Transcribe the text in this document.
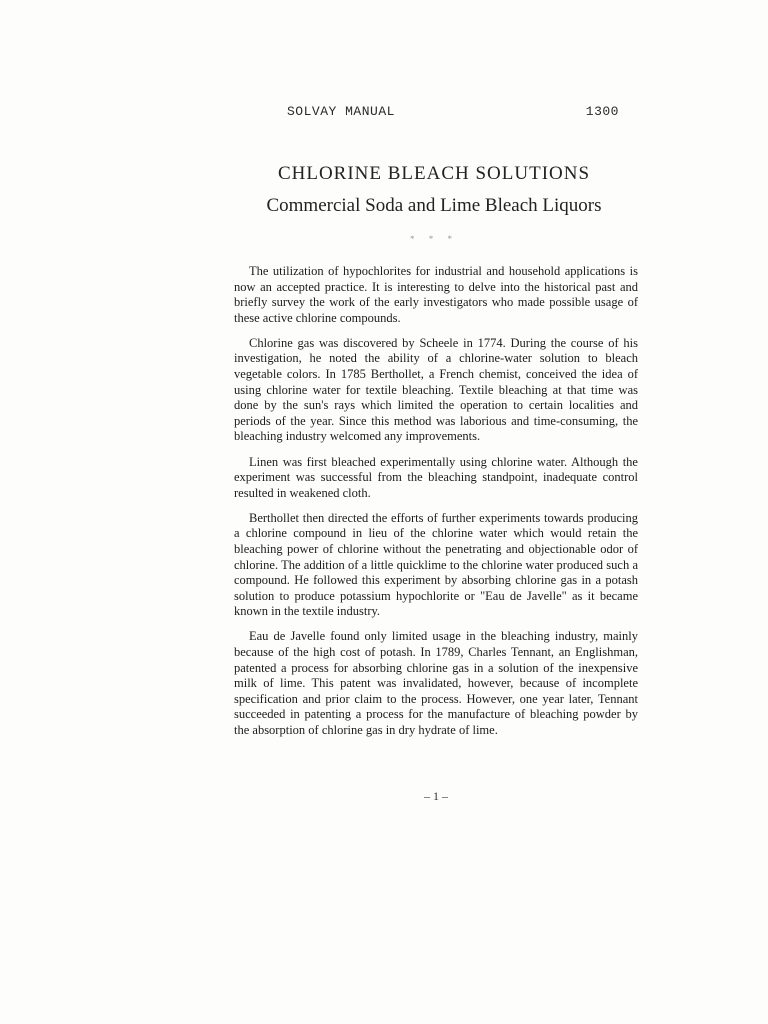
SOLVAY MANUAL	1300
CHLORINE BLEACH SOLUTIONS
Commercial Soda and Lime Bleach Liquors
* * *

The utilization of hypochlorites for industrial and household applications is now an accepted practice. It is interesting to delve into the historical past and briefly survey the work of the early investigators who made possible usage of these active chlorine compounds.

Chlorine gas was discovered by Scheele in 1774. During the course of his investigation, he noted the ability of a chlorine-water solution to bleach vegetable colors. In 1785 Berthollet, a French chemist, conceived the idea of using chlorine water for textile bleaching. Textile bleaching at that time was done by the sun's rays which limited the operation to certain localities and periods of the year. Since this method was laborious and time-consuming, the bleaching industry welcomed any improvements.

Linen was first bleached experimentally using chlorine water. Although the experiment was successful from the bleaching standpoint, inadequate control resulted in weakened cloth.

Berthollet then directed the efforts of further experiments towards producing a chlorine compound in lieu of the chlorine water which would retain the bleaching power of chlorine without the penetrating and objectionable odor of chlorine. The addition of a little quicklime to the chlorine water produced such a compound. He followed this experiment by absorbing chlorine gas in a potash solution to produce potassium hypochlorite or "Eau de Javelle" as it became known in the textile industry.

Eau de Javelle found only limited usage in the bleaching industry, mainly because of the high cost of potash. In 1789, Charles Tennant, an Englishman, patented a process for absorbing chlorine gas in a solution of the inexpensive milk of lime. This patent was invalidated, however, because of incomplete specification and prior claim to the process. However, one year later, Tennant succeeded in patenting a process for the manufacture of bleaching powder by the absorption of chlorine gas in dry hydrate of lime.

– 1 –
